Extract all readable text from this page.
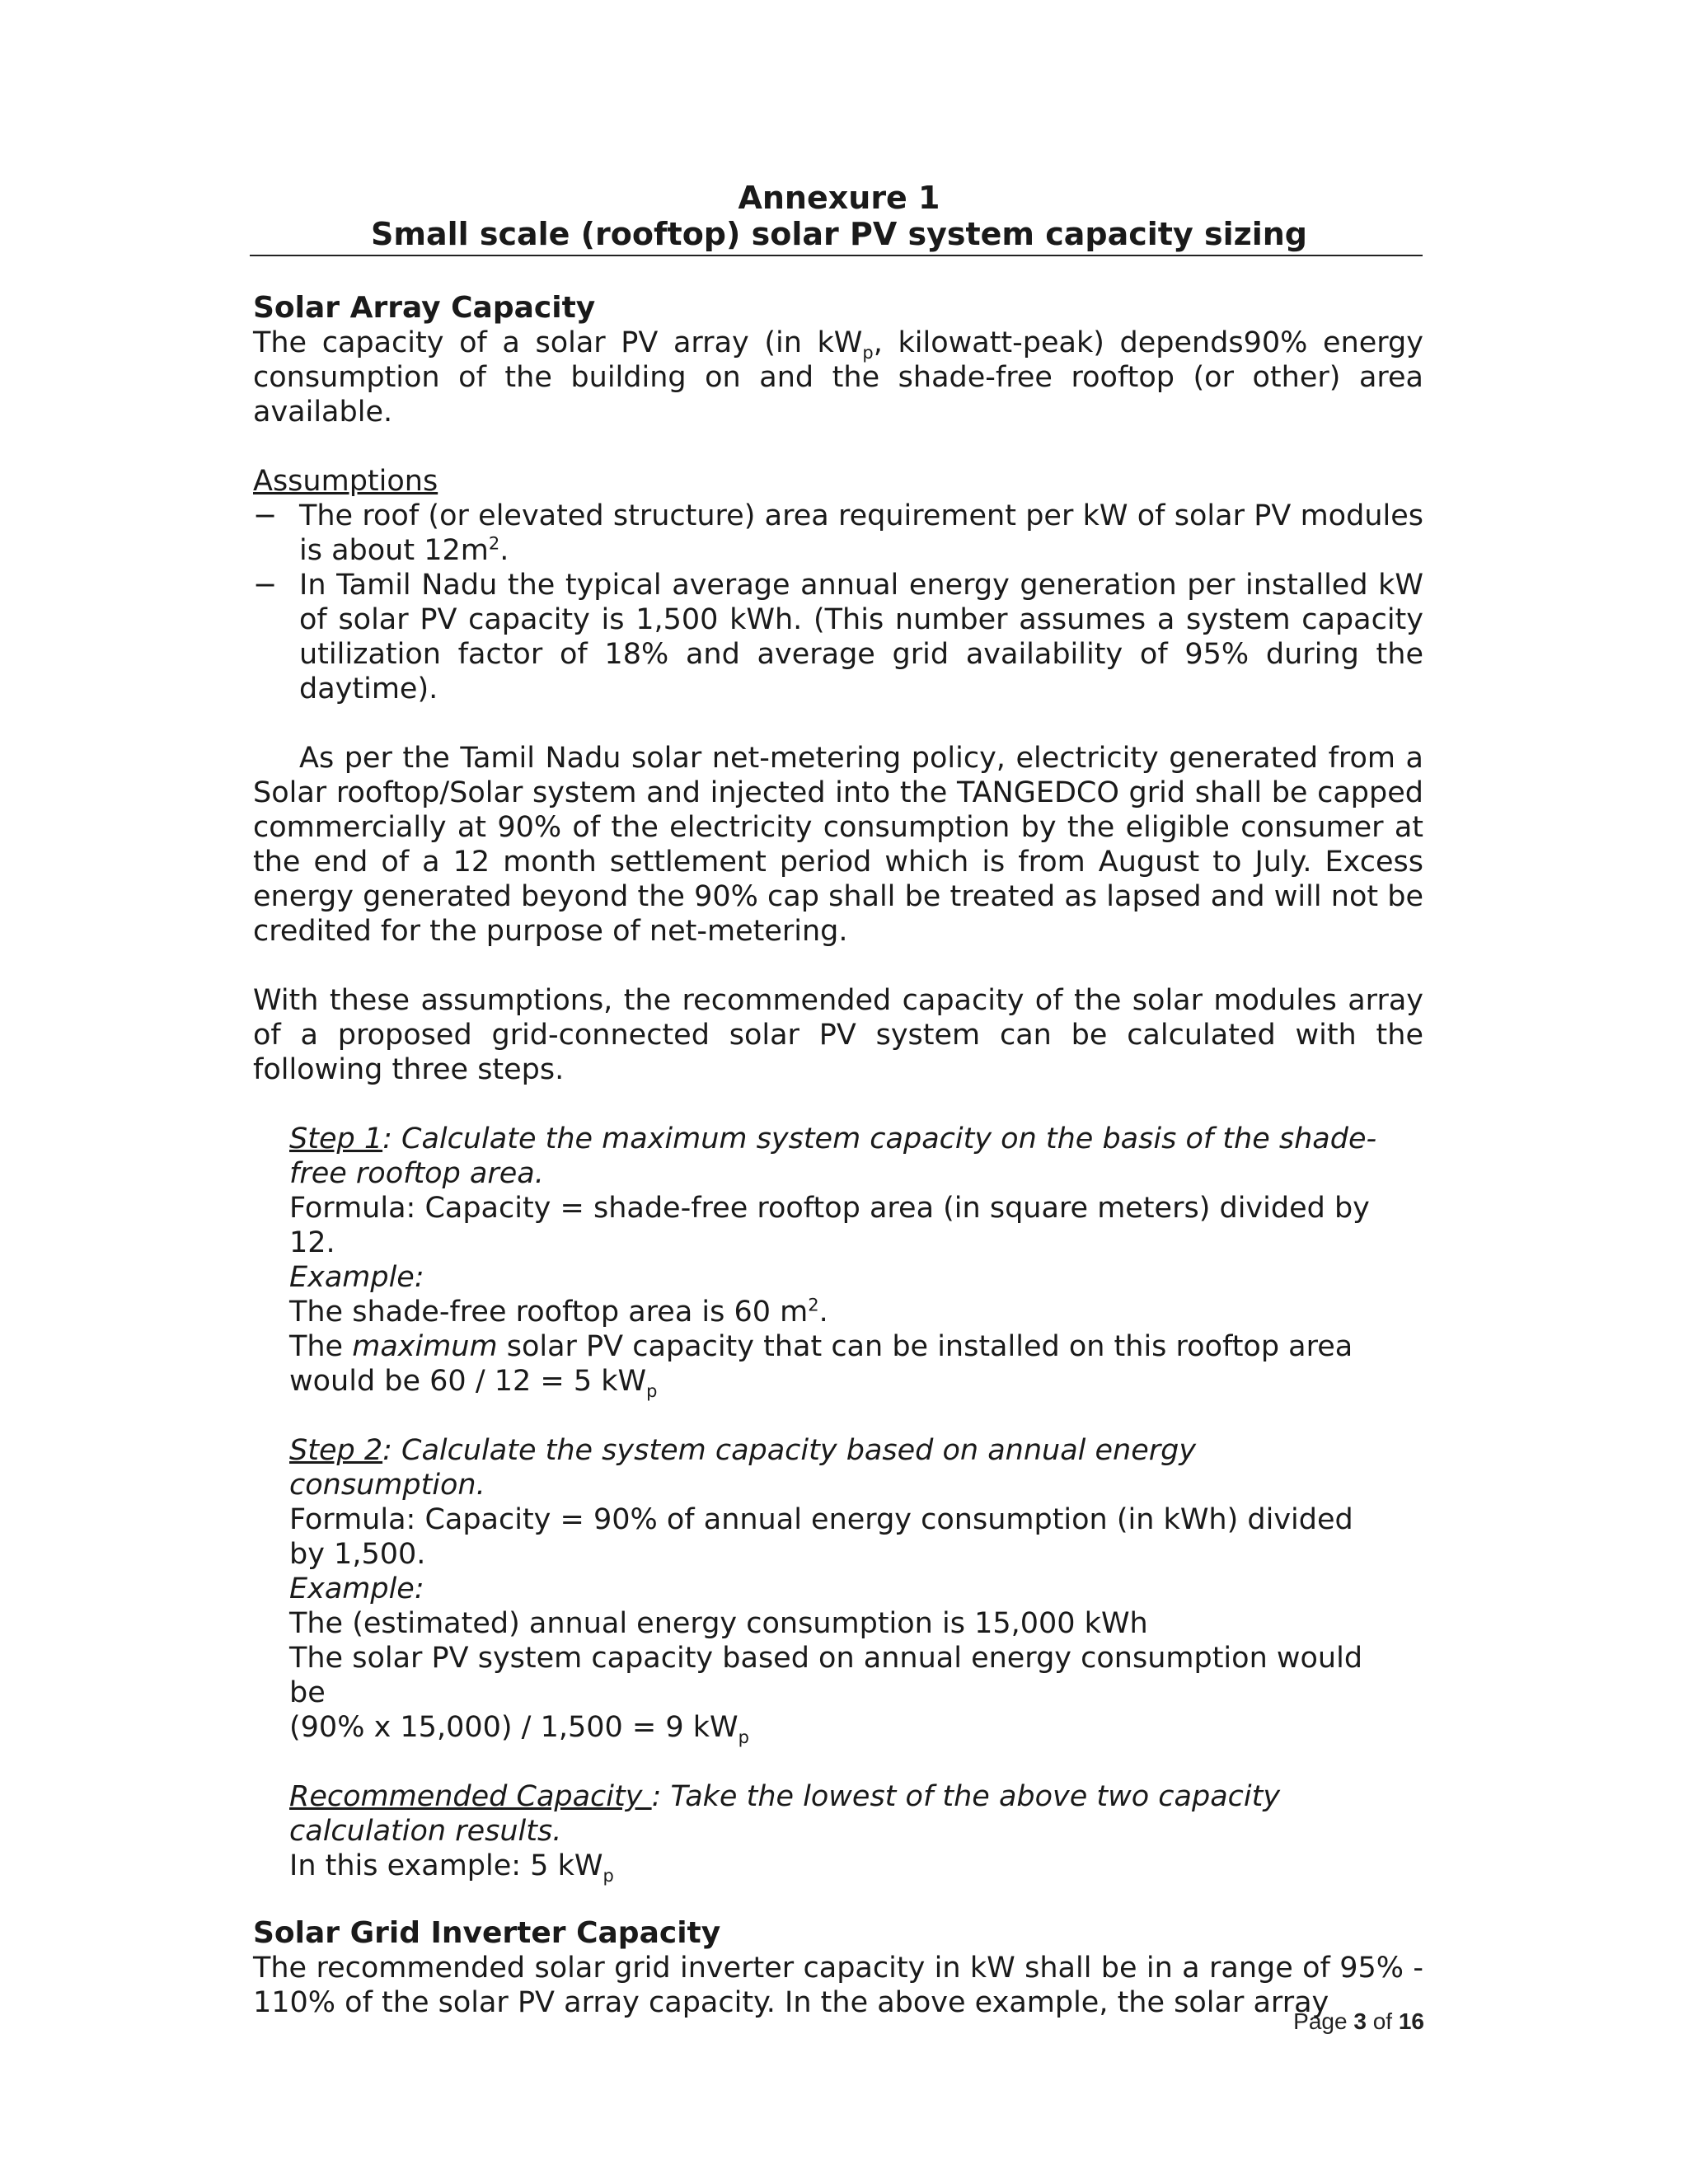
Annexure 1
Small scale (rooftop) solar PV system capacity sizing
Solar Array Capacity
The capacity of a solar PV array (in $kW_p$, kilowatt-peak) depends90% energy consumption of the building on and the shade-free rooftop (or other) area available.
Assumptions
− The roof (or elevated structure) area requirement per kW of solar PV modules is about $12m^2$.
− In Tamil Nadu the typical average annual energy generation per installed kW of solar PV capacity is 1,500 kWh. (This number assumes a system capacity utilization factor of 18% and average grid availability of 95% during the daytime).
As per the Tamil Nadu solar net-metering policy, electricity generated from a Solar rooftop/Solar system and injected into the TANGEDCO grid shall be capped commercially at 90% of the electricity consumption by the eligible consumer at the end of a 12 month settlement period which is from August to July. Excess energy generated beyond the 90% cap shall be treated as lapsed and will not be credited for the purpose of net-metering.
With these assumptions, the recommended capacity of the solar modules array of a proposed grid-connected solar PV system can be calculated with the following three steps.
Step 1: Calculate the maximum system capacity on the basis of the shade-free rooftop area.
Formula: Capacity = shade-free rooftop area (in square meters) divided by 12.
Example:
The shade-free rooftop area is 60 $m^2$.
The maximum solar PV capacity that can be installed on this rooftop area would be 60 / 12 = 5 $kW_p$
Step 2: Calculate the system capacity based on annual energy consumption.
Formula: Capacity = 90% of annual energy consumption (in kWh) divided by 1,500.
Example:
The (estimated) annual energy consumption is 15,000 kWh
The solar PV system capacity based on annual energy consumption would be
(90% x 15,000) / 1,500 = 9 $kW_p$
Recommended Capacity : Take the lowest of the above two capacity calculation results.
In this example: 5 $kW_p$
Solar Grid Inverter Capacity
The recommended solar grid inverter capacity in kW shall be in a range of 95% - 110% of the solar PV array capacity. In the above example, the solar array
Page 3 of 16
